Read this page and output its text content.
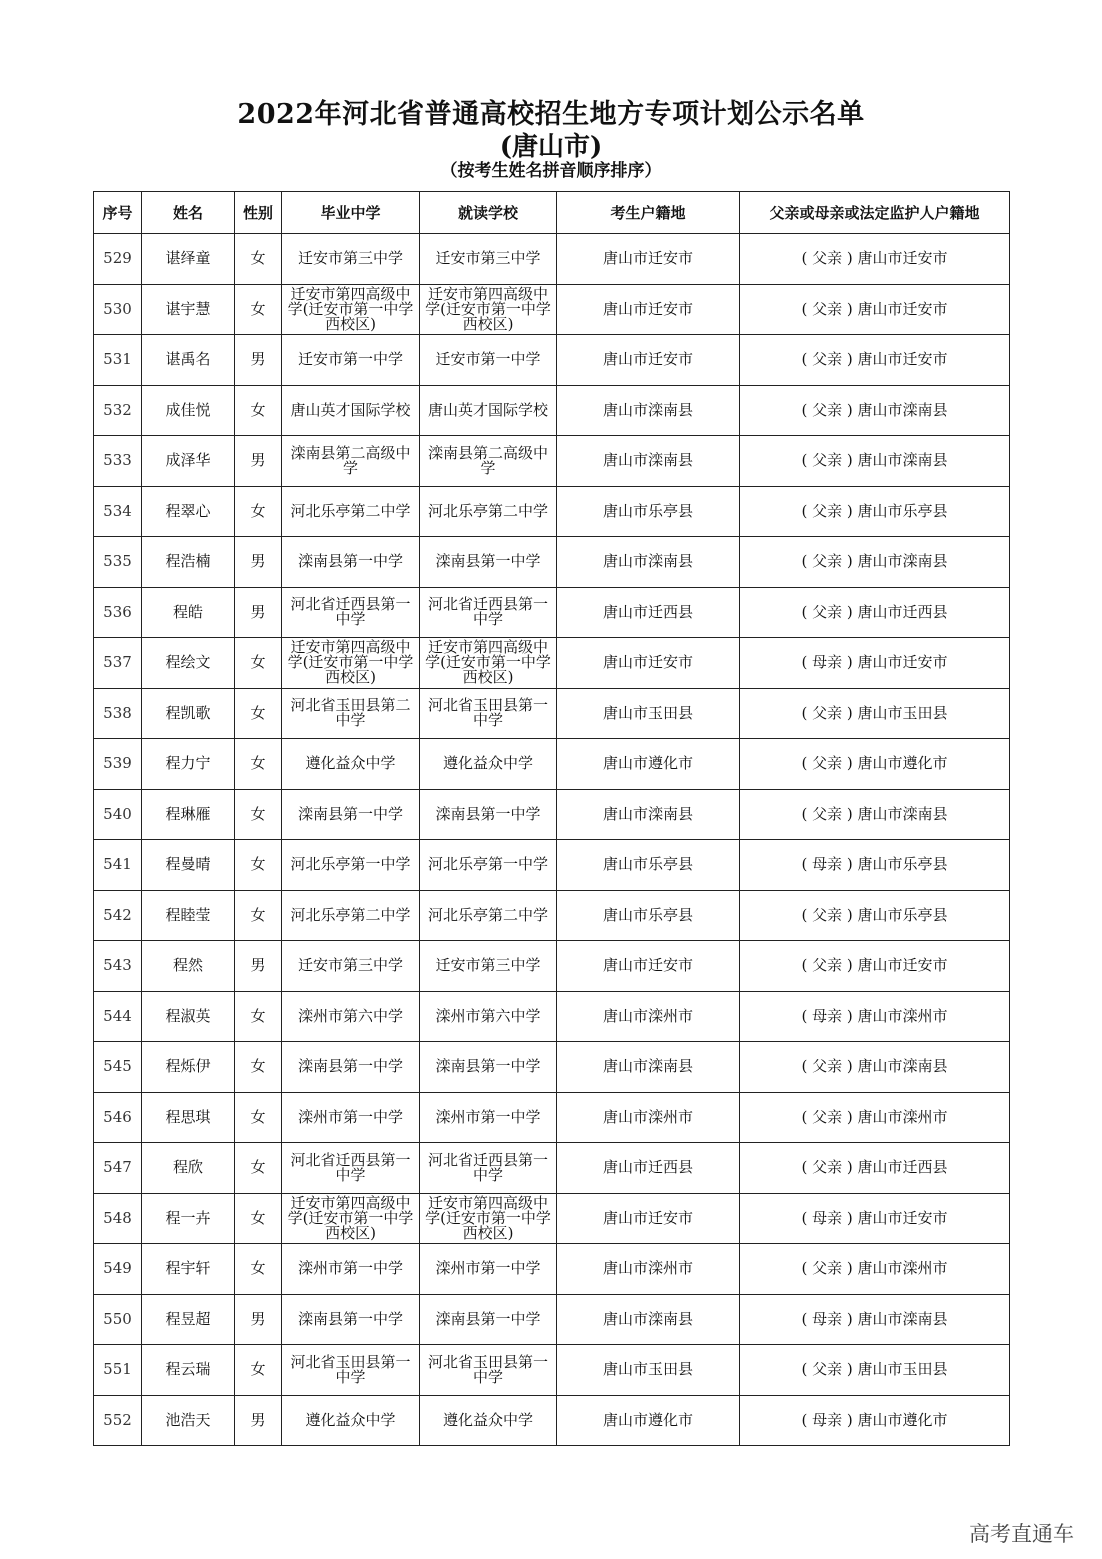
2022年河北省普通高校招生地方专项计划公示名单
(唐山市)
（按考生姓名拼音顺序排序）
序号	姓名	性别	毕业中学	就读学校	考生户籍地	父亲或母亲或法定监护人户籍地
529	谌绎童	女	迁安市第三中学	迁安市第三中学	唐山市迁安市	( 父亲 ) 唐山市迁安市
530	谌宇慧	女	迁安市第四高级中学(迁安市第一中学西校区)	迁安市第四高级中学(迁安市第一中学西校区)	唐山市迁安市	( 父亲 ) 唐山市迁安市
531	谌禹名	男	迁安市第一中学	迁安市第一中学	唐山市迁安市	( 父亲 ) 唐山市迁安市
532	成佳悦	女	唐山英才国际学校	唐山英才国际学校	唐山市滦南县	( 父亲 ) 唐山市滦南县
533	成泽华	男	滦南县第二高级中学	滦南县第二高级中学	唐山市滦南县	( 父亲 ) 唐山市滦南县
534	程翠心	女	河北乐亭第二中学	河北乐亭第二中学	唐山市乐亭县	( 父亲 ) 唐山市乐亭县
535	程浩楠	男	滦南县第一中学	滦南县第一中学	唐山市滦南县	( 父亲 ) 唐山市滦南县
536	程皓	男	河北省迁西县第一中学	河北省迁西县第一中学	唐山市迁西县	( 父亲 ) 唐山市迁西县
537	程绘文	女	迁安市第四高级中学(迁安市第一中学西校区)	迁安市第四高级中学(迁安市第一中学西校区)	唐山市迁安市	( 母亲 ) 唐山市迁安市
538	程凯歌	女	河北省玉田县第二中学	河北省玉田县第一中学	唐山市玉田县	( 父亲 ) 唐山市玉田县
539	程力宁	女	遵化益众中学	遵化益众中学	唐山市遵化市	( 父亲 ) 唐山市遵化市
540	程琳雁	女	滦南县第一中学	滦南县第一中学	唐山市滦南县	( 父亲 ) 唐山市滦南县
541	程曼晴	女	河北乐亭第一中学	河北乐亭第一中学	唐山市乐亭县	( 母亲 ) 唐山市乐亭县
542	程睦莹	女	河北乐亭第二中学	河北乐亭第二中学	唐山市乐亭县	( 父亲 ) 唐山市乐亭县
543	程然	男	迁安市第三中学	迁安市第三中学	唐山市迁安市	( 父亲 ) 唐山市迁安市
544	程淑英	女	滦州市第六中学	滦州市第六中学	唐山市滦州市	( 母亲 ) 唐山市滦州市
545	程烁伊	女	滦南县第一中学	滦南县第一中学	唐山市滦南县	( 父亲 ) 唐山市滦南县
546	程思琪	女	滦州市第一中学	滦州市第一中学	唐山市滦州市	( 父亲 ) 唐山市滦州市
547	程欣	女	河北省迁西县第一中学	河北省迁西县第一中学	唐山市迁西县	( 父亲 ) 唐山市迁西县
548	程一卉	女	迁安市第四高级中学(迁安市第一中学西校区)	迁安市第四高级中学(迁安市第一中学西校区)	唐山市迁安市	( 母亲 ) 唐山市迁安市
549	程宇轩	女	滦州市第一中学	滦州市第一中学	唐山市滦州市	( 父亲 ) 唐山市滦州市
550	程昱超	男	滦南县第一中学	滦南县第一中学	唐山市滦南县	( 母亲 ) 唐山市滦南县
551	程云瑞	女	河北省玉田县第一中学	河北省玉田县第一中学	唐山市玉田县	( 父亲 ) 唐山市玉田县
552	池浩天	男	遵化益众中学	遵化益众中学	唐山市遵化市	( 母亲 ) 唐山市遵化市
高考直通车
